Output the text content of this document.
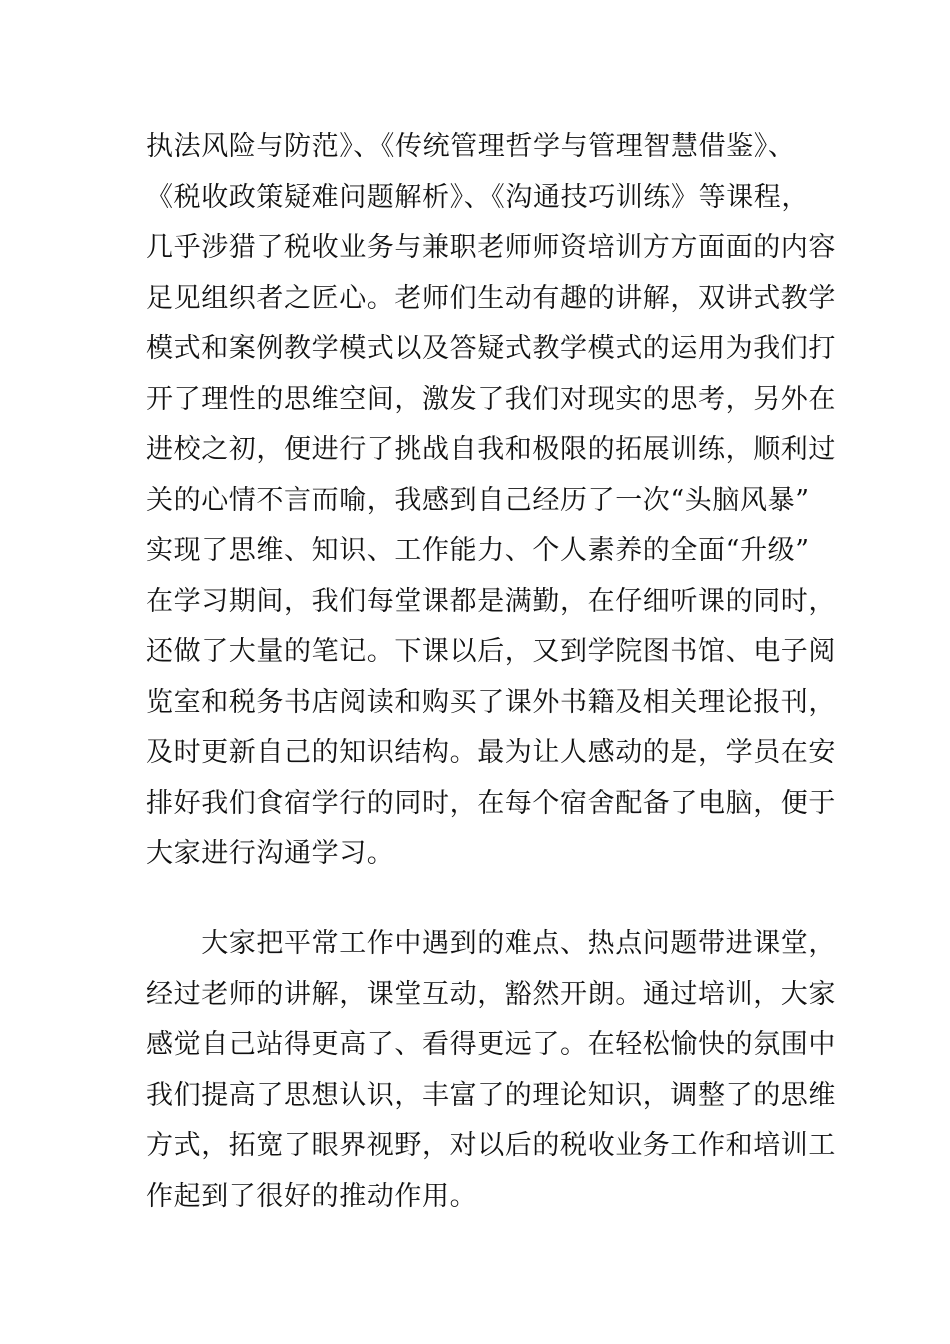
执法风险与防范》、《传统管理哲学与管理智慧借鉴》、
《税收政策疑难问题解析》、《沟通技巧训练》等课程，
几乎涉猎了税收业务与兼职老师师资培训方方面面的内容
足见组织者之匠心。老师们生动有趣的讲解，双讲式教学
模式和案例教学模式以及答疑式教学模式的运用为我们打
开了理性的思维空间，激发了我们对现实的思考，另外在
进校之初，便进行了挑战自我和极限的拓展训练，顺利过
关的心情不言而喻，我感到自己经历了一次“头脑风暴”
实现了思维、知识、工作能力、个人素养的全面“升级”
在学习期间，我们每堂课都是满勤，在仔细听课的同时，
还做了大量的笔记。下课以后，又到学院图书馆、电子阅
览室和税务书店阅读和购买了课外书籍及相关理论报刊，
及时更新自己的知识结构。最为让人感动的是，学员在安
排好我们食宿学行的同时，在每个宿舍配备了电脑，便于
大家进行沟通学习。
　　大家把平常工作中遇到的难点、热点问题带进课堂，
经过老师的讲解，课堂互动，豁然开朗。通过培训，大家
感觉自己站得更高了、看得更远了。在轻松愉快的氛围中
我们提高了思想认识，丰富了的理论知识，调整了的思维
方式，拓宽了眼界视野，对以后的税收业务工作和培训工
作起到了很好的推动作用。
